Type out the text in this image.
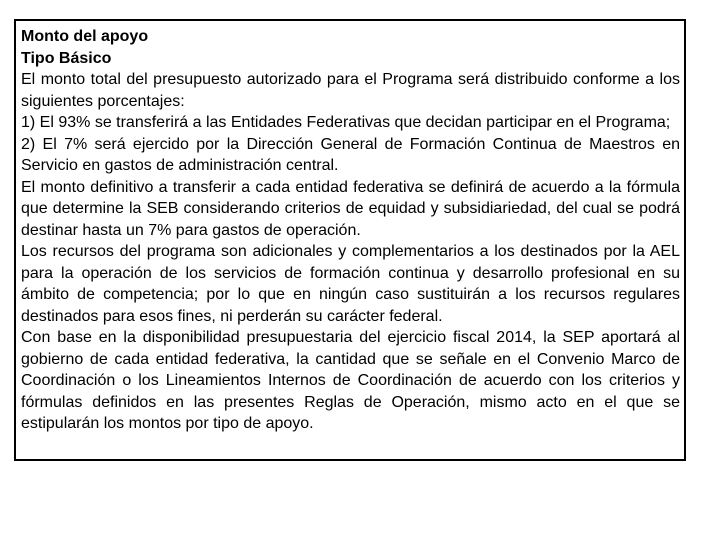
Monto del apoyo

Tipo Básico

El monto total del presupuesto autorizado para el Programa será distribuido conforme a los siguientes porcentajes:

1) El 93% se transferirá a las Entidades Federativas que decidan participar en el Programa;

2) El 7% será ejercido por la Dirección General de Formación Continua de Maestros en Servicio en gastos de administración central.

El monto definitivo a transferir a cada entidad federativa se definirá de acuerdo a la fórmula que determine la SEB considerando criterios de equidad y subsidiariedad, del cual se podrá destinar hasta un 7% para gastos de operación.

Los recursos del programa son adicionales y complementarios a los destinados por la AEL para la operación de los servicios de formación continua y desarrollo profesional en su ámbito de competencia; por lo que en ningún caso sustituirán a los recursos regulares destinados para esos fines, ni perderán su carácter federal.

Con base en la disponibilidad presupuestaria del ejercicio fiscal 2014, la SEP aportará al gobierno de cada entidad federativa, la cantidad que se señale en el Convenio Marco de Coordinación o los Lineamientos Internos de Coordinación de acuerdo con los criterios y fórmulas definidos en las presentes Reglas de Operación, mismo acto en el que se estipularán los montos por tipo de apoyo.
